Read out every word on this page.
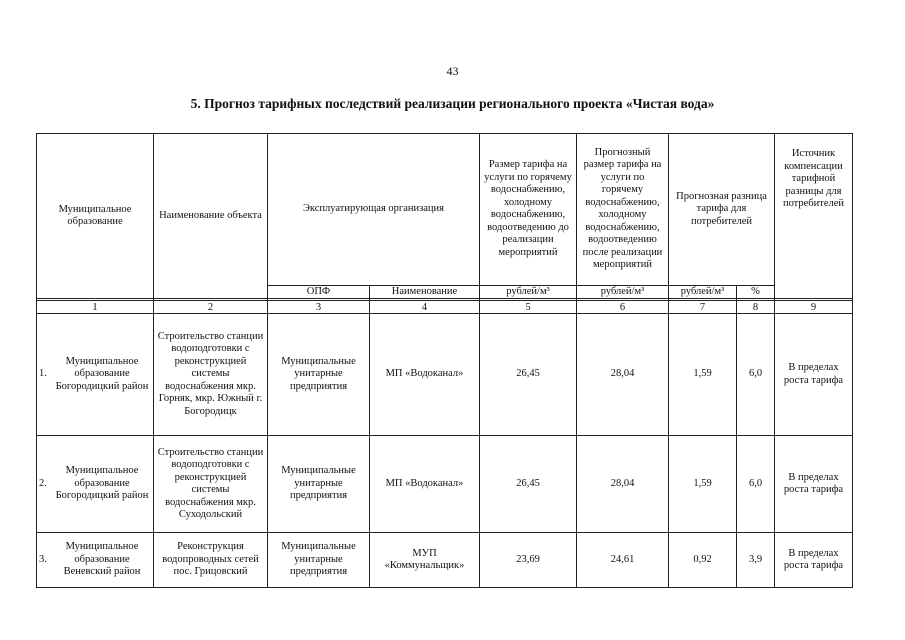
43
5. Прогноз тарифных последствий реализации регионального проекта «Чистая вода»
Муниципальное образование	Наименование объекта	Эксплуатирующая организация		Размер тарифа на услуги по горячему водоснабжению, холодному водоснабжению, водоотведению до реализации мероприятий	Прогнозный размер тарифа на услуги по горячему водоснабжению, холодному водоснабжению, водоотведению после реализации мероприятий	Прогнозная разница тарифа для потребителей		Источник компенсации тарифной разницы для потребителей
		ОПФ	Наименование	рублей/м³	рублей/м³	рублей/м³	%	

1	2	3	4	5	6	7	8	9

1.
Муниципальное образование Богородицкий район	Строительство станции водоподготовки с реконструкцией системы водоснабжения мкр. Горняк, мкр. Южный г. Богородицк	Муниципальные унитарные предприятия	МП «Водоканал»	26,45	28,04	1,59	6,0	В пределах роста тарифа

2.
Муниципальное образование Богородицкий район	Строительство станции водоподготовки с реконструкцией системы водоснабжения мкр. Суходольский	Муниципальные унитарные предприятия	МП «Водоканал»	26,45	28,04	1,59	6,0	В пределах роста тарифа

3.
Муниципальное образование Веневский район	Реконструкция водопроводных сетей пос. Грицовский	Муниципальные унитарные предприятия	МУП «Коммунальщик»	23,69	24,61	0,92	3,9	В пределах роста тарифа
